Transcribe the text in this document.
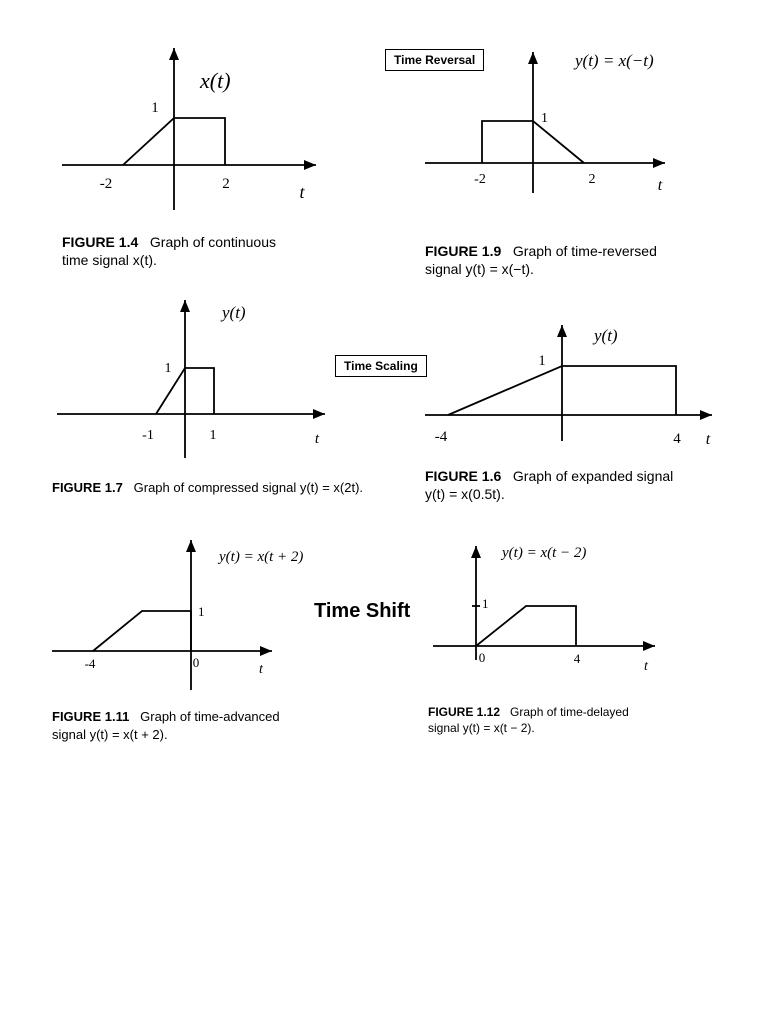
Time Reversal
Time Scaling
Time Shift
x(t)
t
-2	2
1
y(t) = x(−t)
t
-2	2
1
y(t)
t
-1	1
1
y(t)
t
-4	4
1
y(t) = x(t + 2)
t
-4	0
1
y(t) = x(t − 2)
t
0	4
1
FIGURE 1.4 Graph of continuous
time signal x(t).
FIGURE 1.9 Graph of time-reversed
signal y(t) = x(−t).
FIGURE 1.7 Graph of compressed signal y(t) = x(2t).
FIGURE 1.6 Graph of expanded signal
y(t) = x(0.5t).
FIGURE 1.11 Graph of time-advanced
signal y(t) = x(t + 2).
FIGURE 1.12 Graph of time-delayed
signal y(t) = x(t − 2).
